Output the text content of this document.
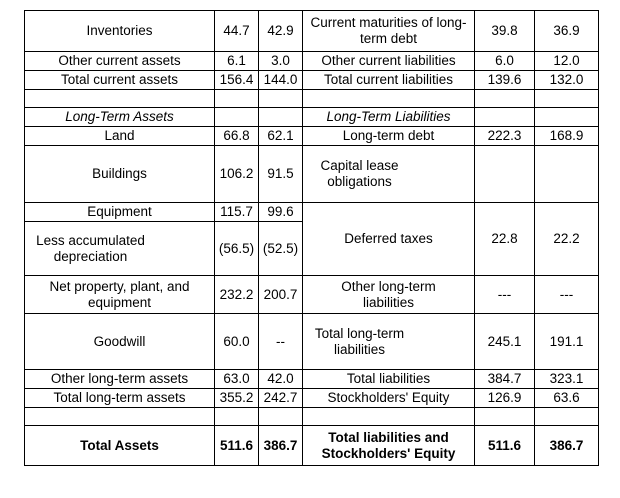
Inventories	44.7	42.9	Current maturities of long-term debt	39.8	36.9
Other current assets	6.1	3.0	Other current liabilities	6.0	12.0
Total current assets	156.4	144.0	Total current liabilities	139.6	132.0

Long-Term Assets			Long-Term Liabilities		
Land	66.8	62.1	Long-term debt	222.3	168.9
Buildings	106.2	91.5	Capital lease obligations		
Equipment	115.7	99.6	Deferred taxes	22.8	22.2
Less accumulated depreciation	(56.5)	(52.5)			
Net property, plant, and equipment	232.2	200.7	Other long-term liabilities	---	---
Goodwill	60.0	--	Total long-term liabilities	245.1	191.1
Other long-term assets	63.0	42.0	Total liabilities	384.7	323.1
Total long-term assets	355.2	242.7	Stockholders' Equity	126.9	63.6

Total Assets	511.6	386.7	Total liabilities and Stockholders' Equity	511.6	386.7
